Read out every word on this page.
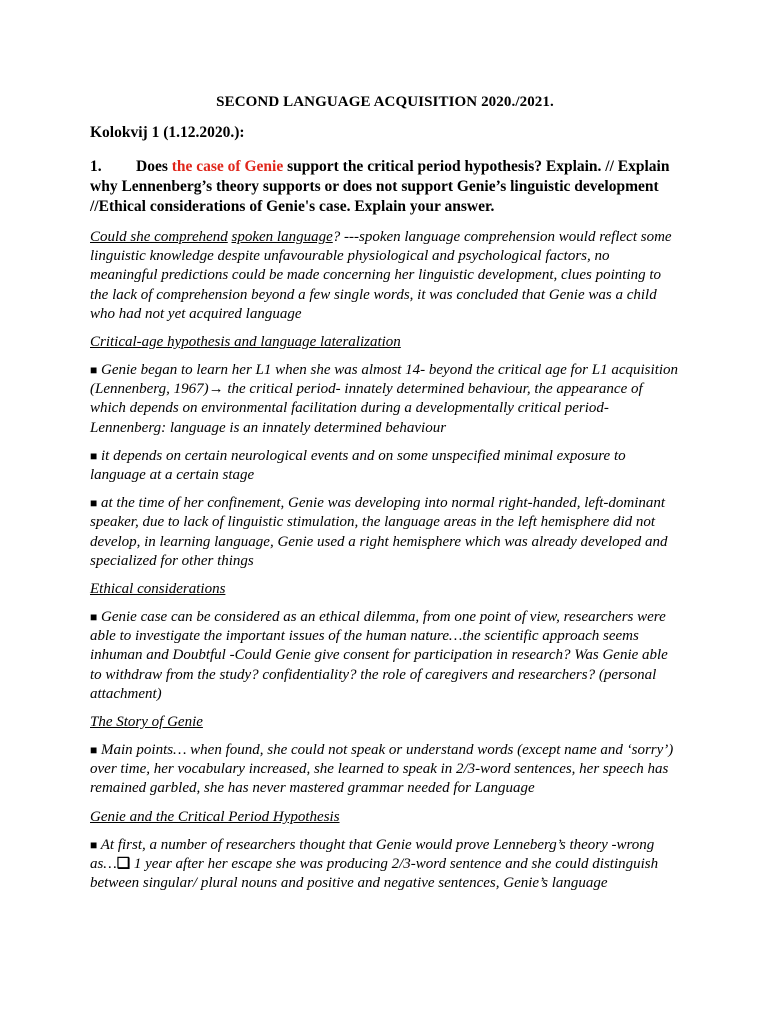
SECOND LANGUAGE ACQUISITION 2020./2021.
Kolokvij 1 (1.12.2020.):
1. Does the case of Genie support the critical period hypothesis? Explain. // Explain why Lennenberg’s theory supports or does not support Genie’s linguistic development //Ethical considerations of Genie's case. Explain your answer.

Could she comprehend spoken language? ---spoken language comprehension would reflect some linguistic knowledge despite unfavourable physiological and psychological factors, no meaningful predictions could be made concerning her linguistic development, clues pointing to the lack of comprehension beyond a few single words, it was concluded that Genie was a child who had not yet acquired language

Critical-age hypothesis and language lateralization

■ Genie began to learn her L1 when she was almost 14- beyond the critical age for L1 acquisition (Lennenberg, 1967)→ the critical period- innately determined behaviour, the appearance of which depends on environmental facilitation during a developmentally critical period- Lennenberg: language is an innately determined behaviour

■ it depends on certain neurological events and on some unspecified minimal exposure to language at a certain stage

■ at the time of her confinement, Genie was developing into normal right-handed, left-dominant speaker, due to lack of linguistic stimulation, the language areas in the left hemisphere did not develop, in learning language, Genie used a right hemisphere which was already developed and specialized for other things

Ethical considerations

■ Genie case can be considered as an ethical dilemma, from one point of view, researchers were able to investigate the important issues of the human nature…the scientific approach seems inhuman and Doubtful -Could Genie give consent for participation in research? Was Genie able to withdraw from the study? confidentiality? the role of caregivers and researchers? (personal attachment)

The Story of Genie

■ Main points… when found, she could not speak or understand words (except name and ‘sorry’) over time, her vocabulary increased, she learned to speak in 2/3-word sentences, her speech has remained garbled, she has never mastered grammar needed for Language

Genie and the Critical Period Hypothesis

■ At first, a number of researchers thought that Genie would prove Lenneberg’s theory -wrong as…❑ 1 year after her escape she was producing 2/3-word sentence and she could distinguish between singular/ plural nouns and positive and negative sentences, Genie’s language
